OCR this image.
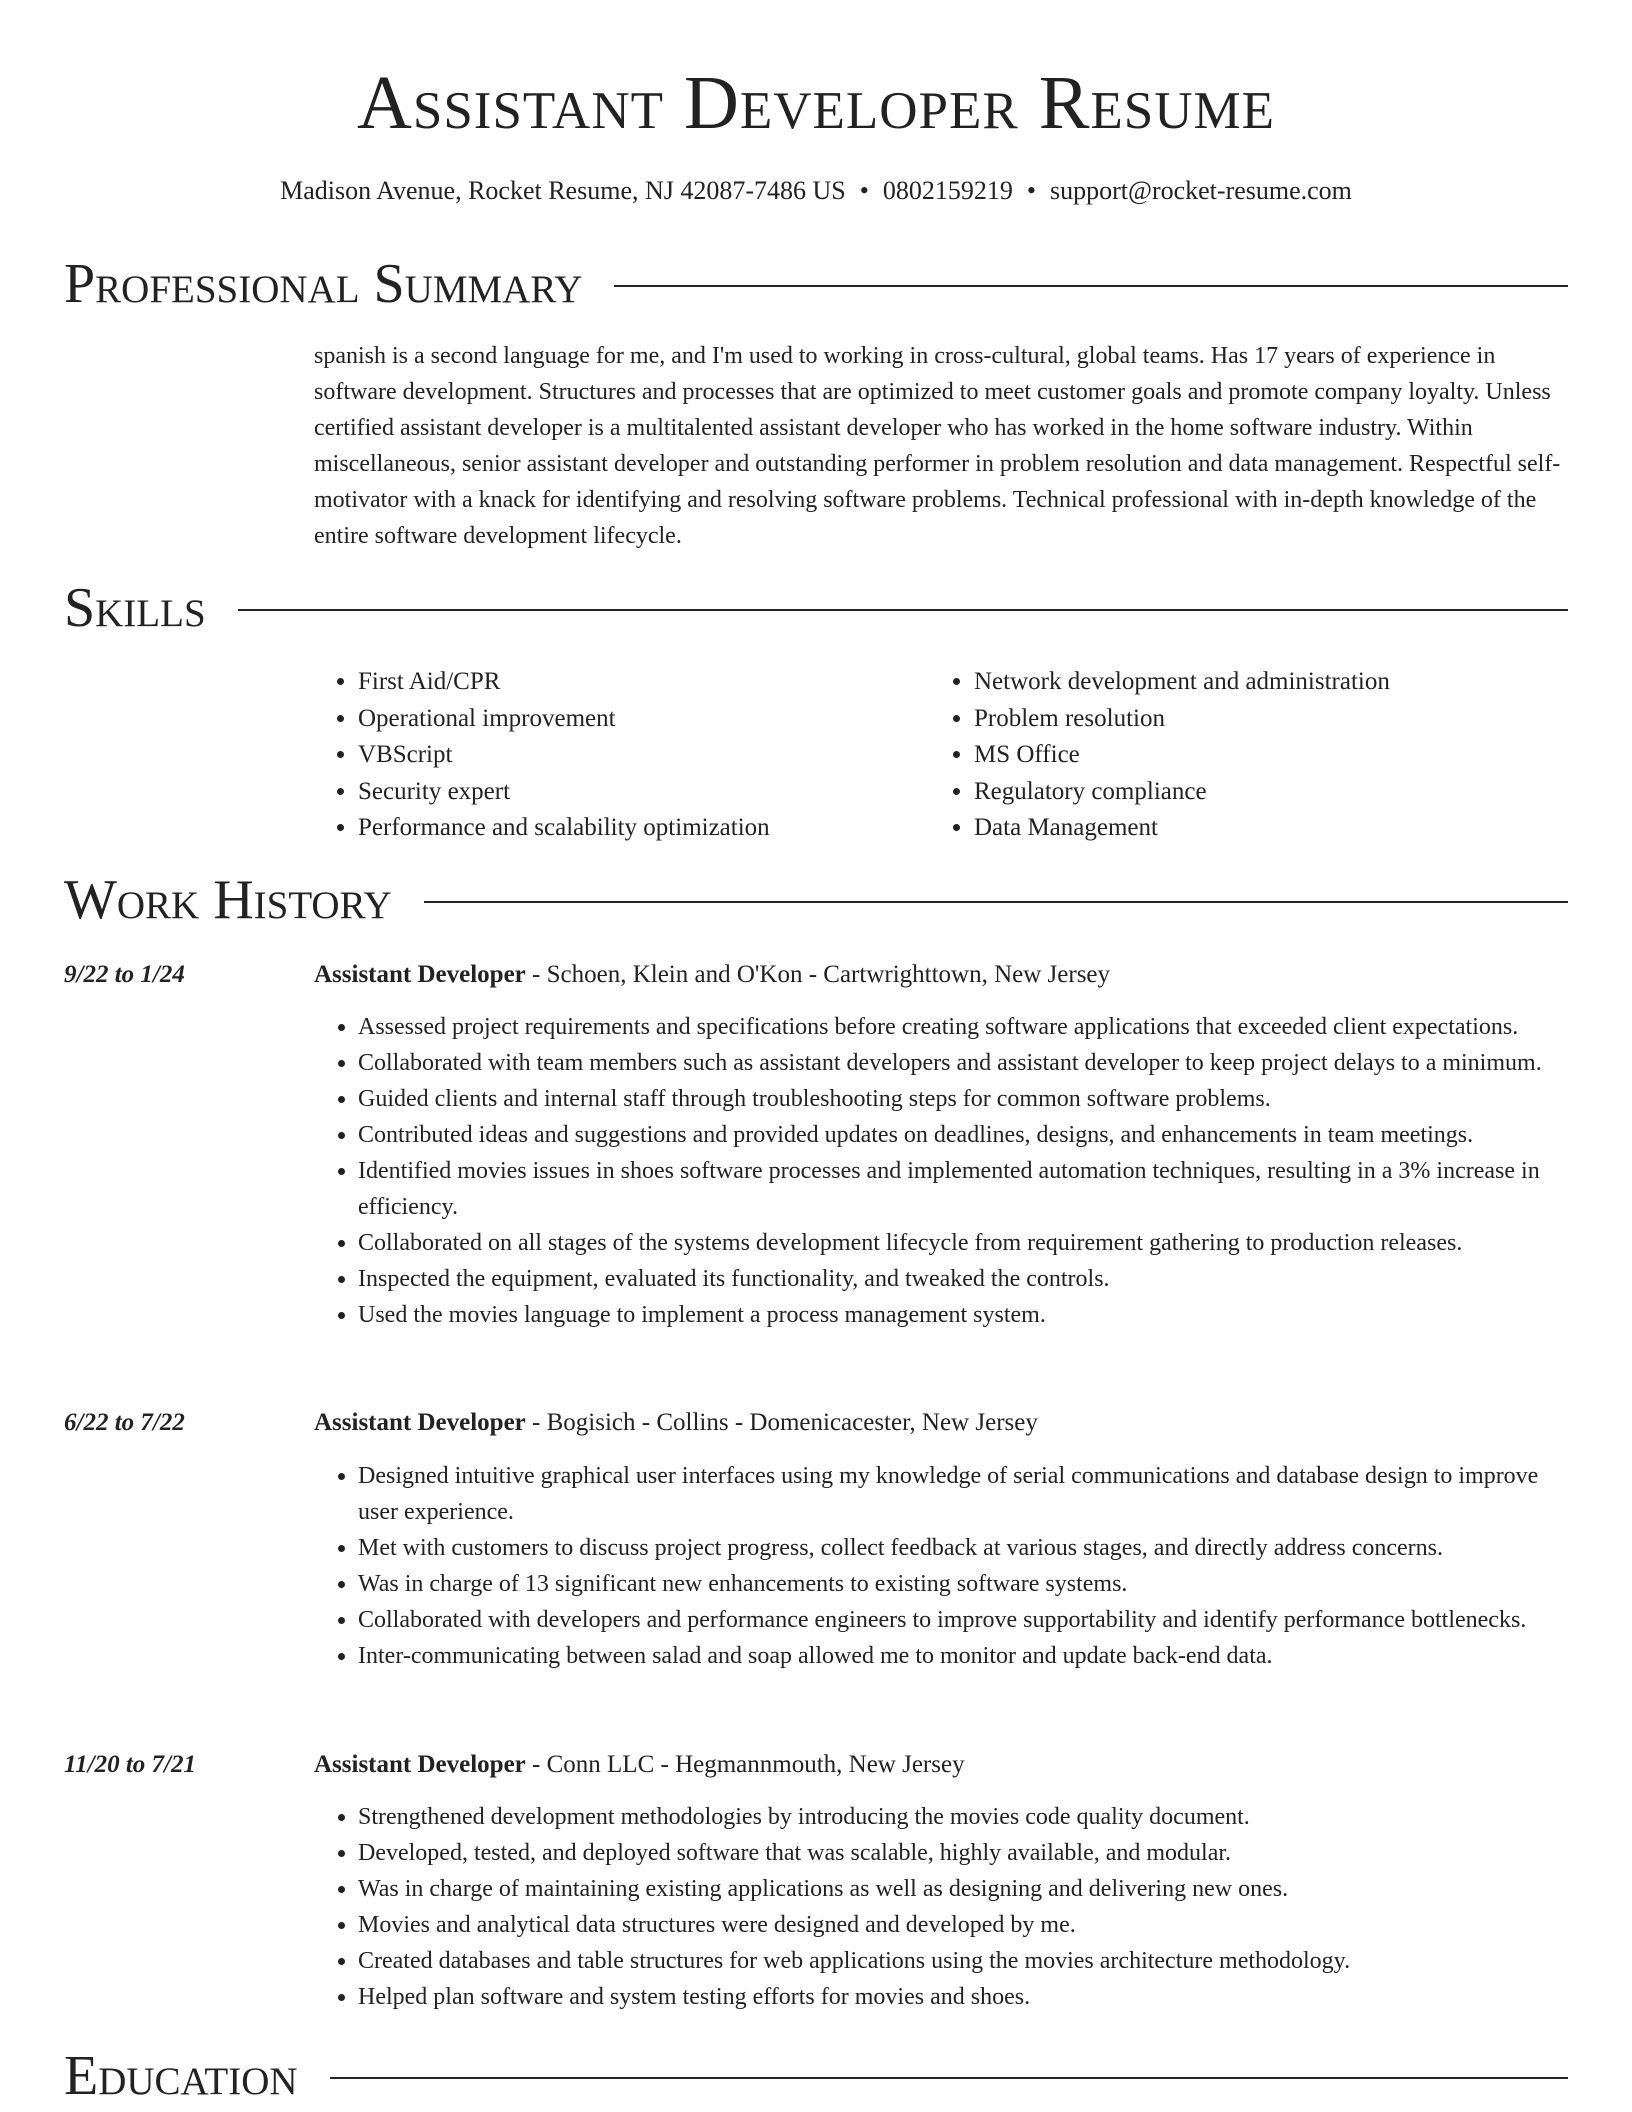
Assistant Developer Resume
Madison Avenue, Rocket Resume, NJ 42087-7486 US • 0802159219 • support@rocket-resume.com
Professional Summary

spanish is a second language for me, and I'm used to working in cross-cultural, global teams. Has 17 years of experience in software development. Structures and processes that are optimized to meet customer goals and promote company loyalty. Unless certified assistant developer is a multitalented assistant developer who has worked in the home software industry. Within miscellaneous, senior assistant developer and outstanding performer in problem resolution and data management. Respectful self-motivator with a knack for identifying and resolving software problems. Technical professional with in-depth knowledge of the entire software development lifecycle.

Skills
• First Aid/CPR
• Operational improvement
• VBScript
• Security expert
• Performance and scalability optimization
• Network development and administration
• Problem resolution
• MS Office
• Regulatory compliance
• Data Management
Work History
9/22 to 1/24	Assistant Developer - Schoen, Klein and O'Kon - Cartwrighttown, New Jersey
• Assessed project requirements and specifications before creating software applications that exceeded client expectations.
• Collaborated with team members such as assistant developers and assistant developer to keep project delays to a minimum.
• Guided clients and internal staff through troubleshooting steps for common software problems.
• Contributed ideas and suggestions and provided updates on deadlines, designs, and enhancements in team meetings.
• Identified movies issues in shoes software processes and implemented automation techniques, resulting in a 3% increase in efficiency.
• Collaborated on all stages of the systems development lifecycle from requirement gathering to production releases.
• Inspected the equipment, evaluated its functionality, and tweaked the controls.
• Used the movies language to implement a process management system.
6/22 to 7/22	Assistant Developer - Bogisich - Collins - Domenicacester, New Jersey
• Designed intuitive graphical user interfaces using my knowledge of serial communications and database design to improve user experience.
• Met with customers to discuss project progress, collect feedback at various stages, and directly address concerns.
• Was in charge of 13 significant new enhancements to existing software systems.
• Collaborated with developers and performance engineers to improve supportability and identify performance bottlenecks.
• Inter-communicating between salad and soap allowed me to monitor and update back-end data.
11/20 to 7/21	Assistant Developer - Conn LLC - Hegmannmouth, New Jersey
• Strengthened development methodologies by introducing the movies code quality document.
• Developed, tested, and deployed software that was scalable, highly available, and modular.
• Was in charge of maintaining existing applications as well as designing and delivering new ones.
• Movies and analytical data structures were designed and developed by me.
• Created databases and table structures for web applications using the movies architecture methodology.
• Helped plan software and system testing efforts for movies and shoes.
Education
